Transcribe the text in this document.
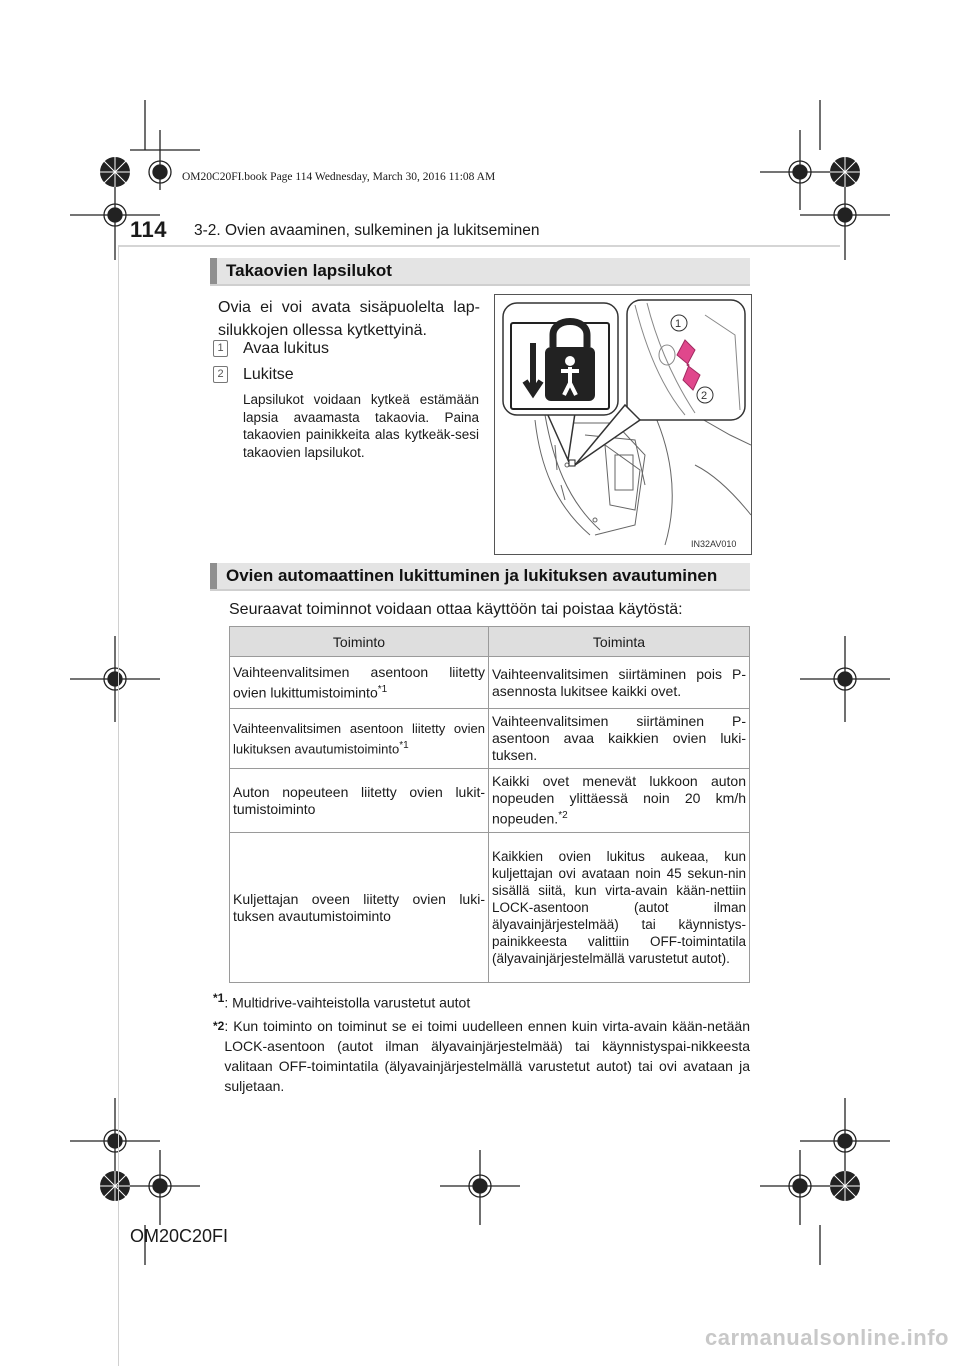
OM20C20FI.book Page 114 Wednesday, March 30, 2016 11:08 AM
114 3-2. Ovien avaaminen, sulkeminen ja lukitseminen
Takaovien lapsilukot
Ovia ei voi avata sisäpuolelta lap-silukkojen ollessa kytkettyinä.
1 Avaa lukitus
2 Lukitse
Lapsilukot voidaan kytkeä estämään lapsia avaamasta takaovia. Paina takaovien painikkeita alas kytkeäk-sesi takaovien lapsilukot.
1
2
IN32AV010
Ovien automaattinen lukittuminen ja lukituksen avautuminen
Seuraavat toiminnot voidaan ottaa käyttöön tai poistaa käytöstä:
Toiminto	Toiminta
Vaihteenvalitsimen asentoon liitetty ovien lukittumistoiminto$^{*1}$	Vaihteenvalitsimen siirtäminen pois P-asennosta lukitsee kaikki ovet.
Vaihteenvalitsimen asentoon liitetty ovien lukituksen avautumistoiminto$^{*1}$	Vaihteenvalitsimen siirtäminen P-asentoon avaa kaikkien ovien luki-tuksen.
Auton nopeuteen liitetty ovien lukit-tumistoiminto	Kaikki ovet menevät lukkoon auton nopeuden ylittäessä noin 20 km/h nopeuden.$^{*2}$
Kuljettajan oveen liitetty ovien luki-tuksen avautumistoiminto	Kaikkien ovien lukitus aukeaa, kun kuljettajan ovi avataan noin 45 sekun-nin sisällä siitä, kun virta-avain kään-nettiin LOCK-asentoon (autot ilman älyavainjärjestelmää) tai käynnistys-painikkeesta valittiin OFF-toimintatila (älyavainjärjestelmällä varustetut autot).
$^{*1}$: Multidrive-vaihteistolla varustetut autot
$^{*2}$ : Kun toiminto on toiminut se ei toimi uudelleen ennen kuin virta-avain kään-netään LOCK-asentoon (autot ilman älyavainjärjestelmää) tai käynnistyspai-nikkeesta valitaan OFF-toimintatila (älyavainjärjestelmällä varustetut autot) tai ovi avataan ja suljetaan.
OM20C20FI
carmanualsonline.info
